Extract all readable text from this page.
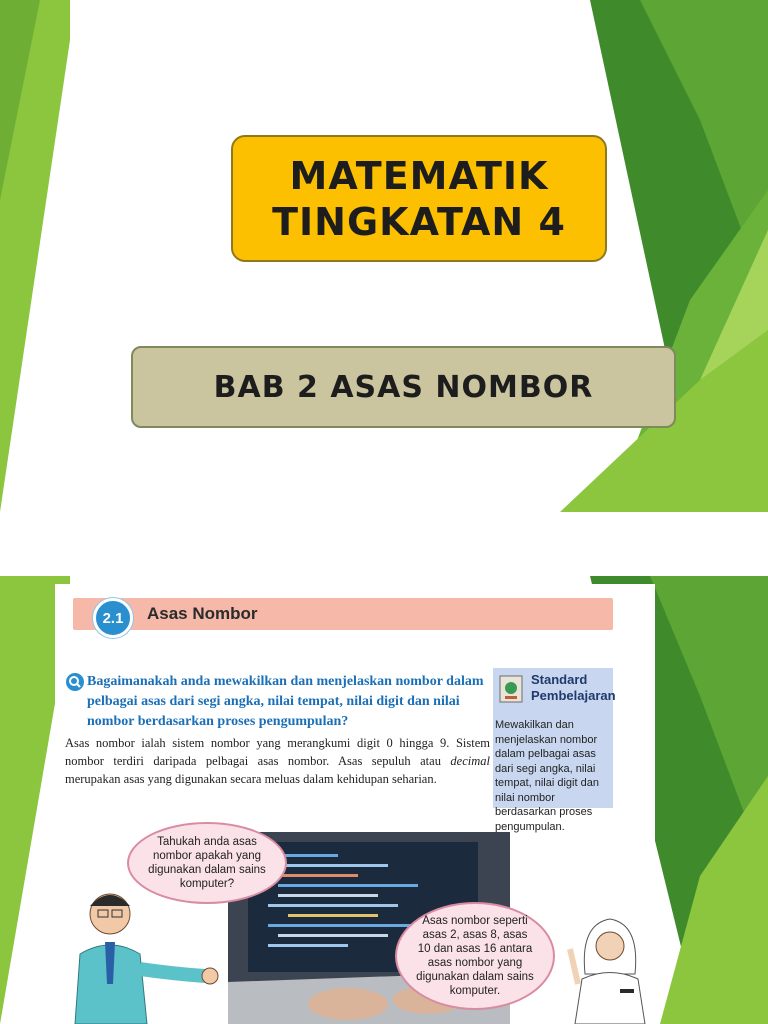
MATEMATIK
TINGKATAN 4
BAB 2 ASAS NOMBOR
2.1	Asas Nombor
Bagaimanakah anda mewakilkan dan menjelaskan nombor dalam pelbagai asas dari segi angka, nilai tempat, nilai digit dan nilai nombor berdasarkan proses pengumpulan?
Asas nombor ialah sistem nombor yang merangkumi digit 0 hingga 9. Sistem nombor terdiri daripada pelbagai asas nombor. Asas sepuluh atau decimal merupakan asas yang digunakan secara meluas dalam kehidupan seharian.
Standard
Pembelajaran
Mewakilkan dan menjelaskan nombor dalam pelbagai asas dari segi angka, nilai tempat, nilai digit dan nilai nombor berdasarkan proses pengumpulan.
Tahukah anda asas nombor apakah yang digunakan dalam sains komputer?
Asas nombor seperti asas 2, asas 8, asas 10 dan asas 16 antara asas nombor yang digunakan dalam sains komputer.
